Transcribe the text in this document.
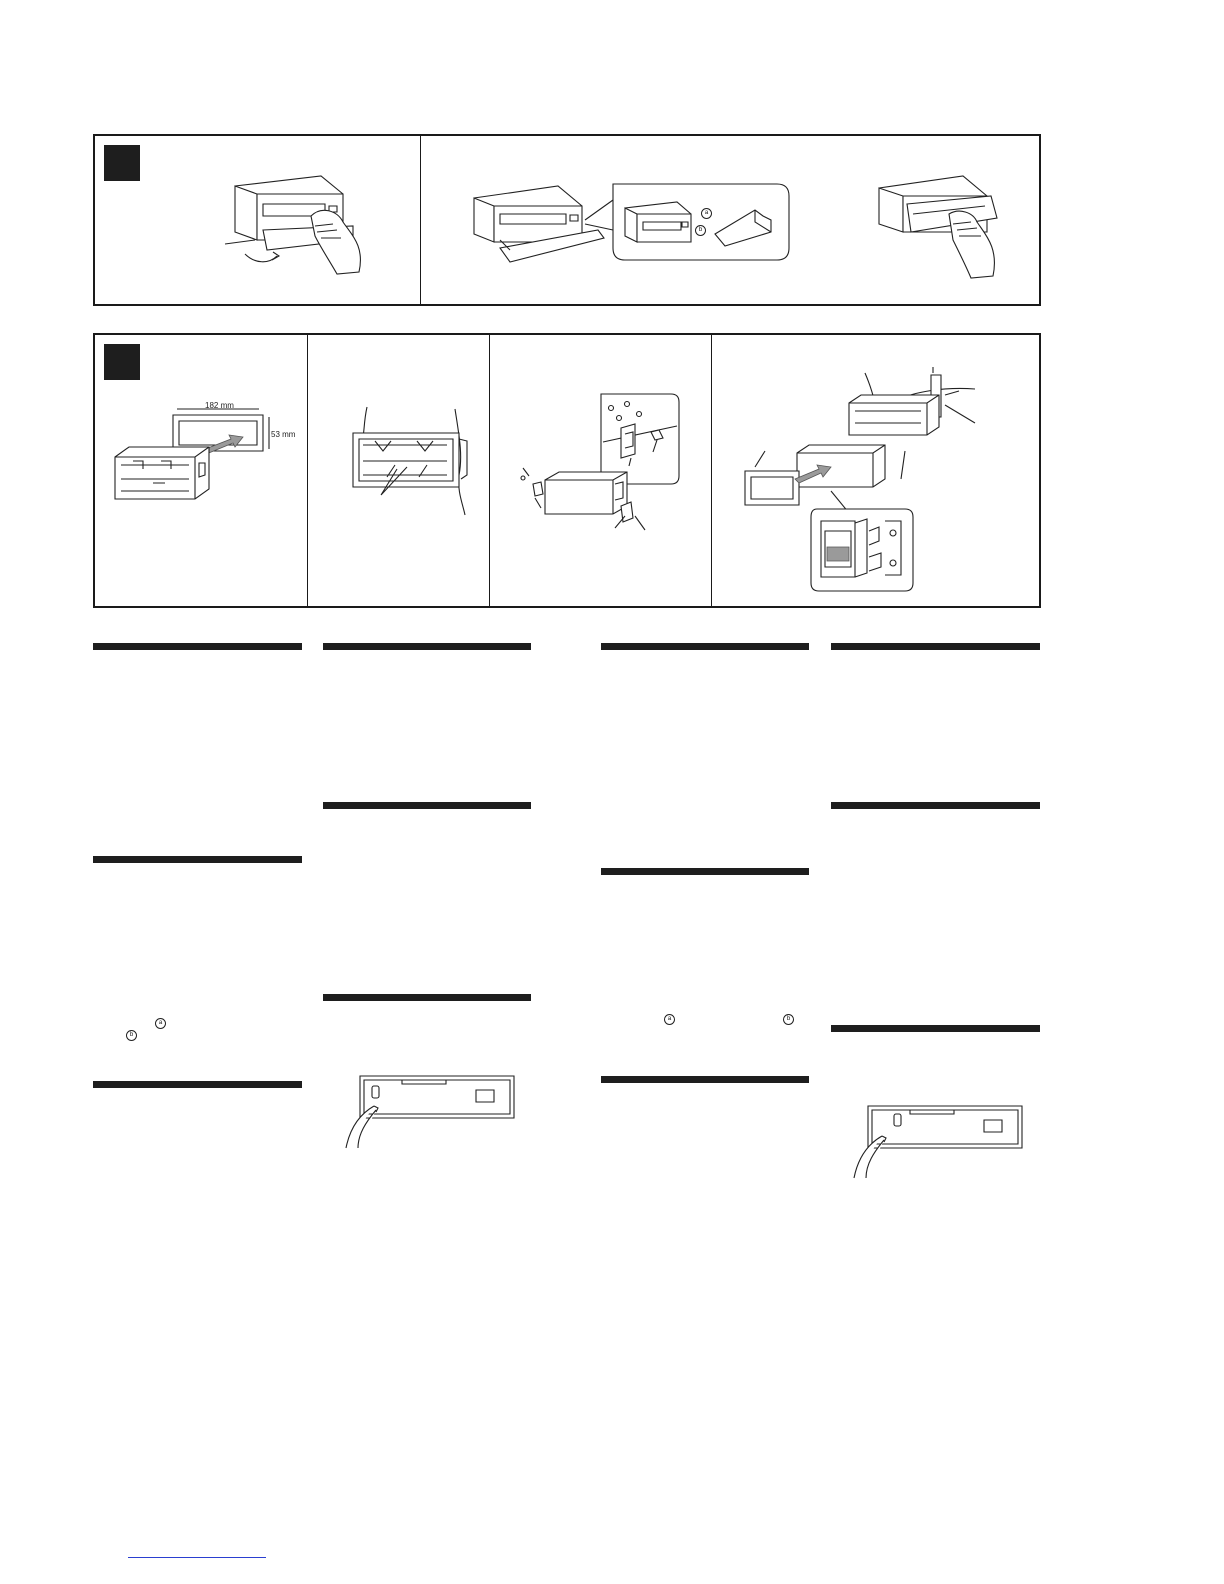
a
b
182 mm
53 mm
a
b
a	b
